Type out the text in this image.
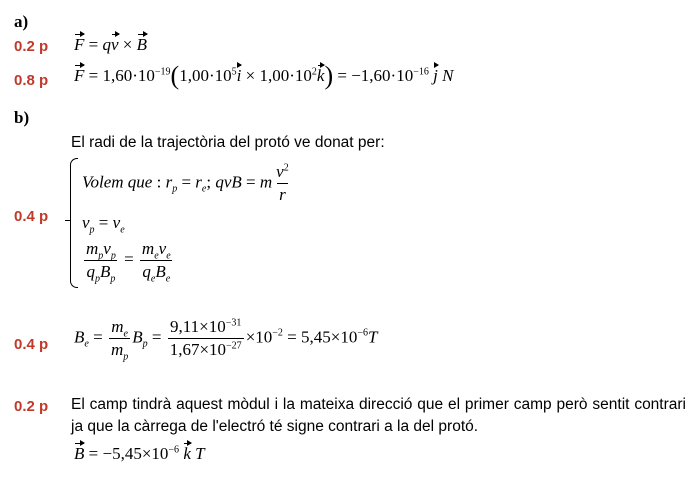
a)
0.2 p F = qv × B
0.8 p $F = 1,60\cdot 10^{-19}(1,00\cdot 10^5i \times 1,00\cdot 10^2k) = -1,60\cdot 10^{-16}$ j N
b)
El radi de la trajectòria del protó ve donat per:
0.4 p
Volem que : $r_p = r_e$; qvB = m $\frac{v^2}{r}$
$v_p = v_e$
$\frac{m_pv_p}{q_pB_p} = \frac{m_ev_e}{q_eB_e}$
0.4 p $B_e = \frac{m_e}{m_p} B_p = \frac{9,11\times 10^{-31}}{1,67\times 10^{-27}} \times 10^{-2} = 5,45\times 10^{-6}T$
0.2 p El camp tindrà aquest mòdul i la mateixa direcció que el primer camp però sentit contrari ja que la càrrega de l'electró té signe contrari a la del protó.
$B = -5,45\times 10^{-6}$ k T
